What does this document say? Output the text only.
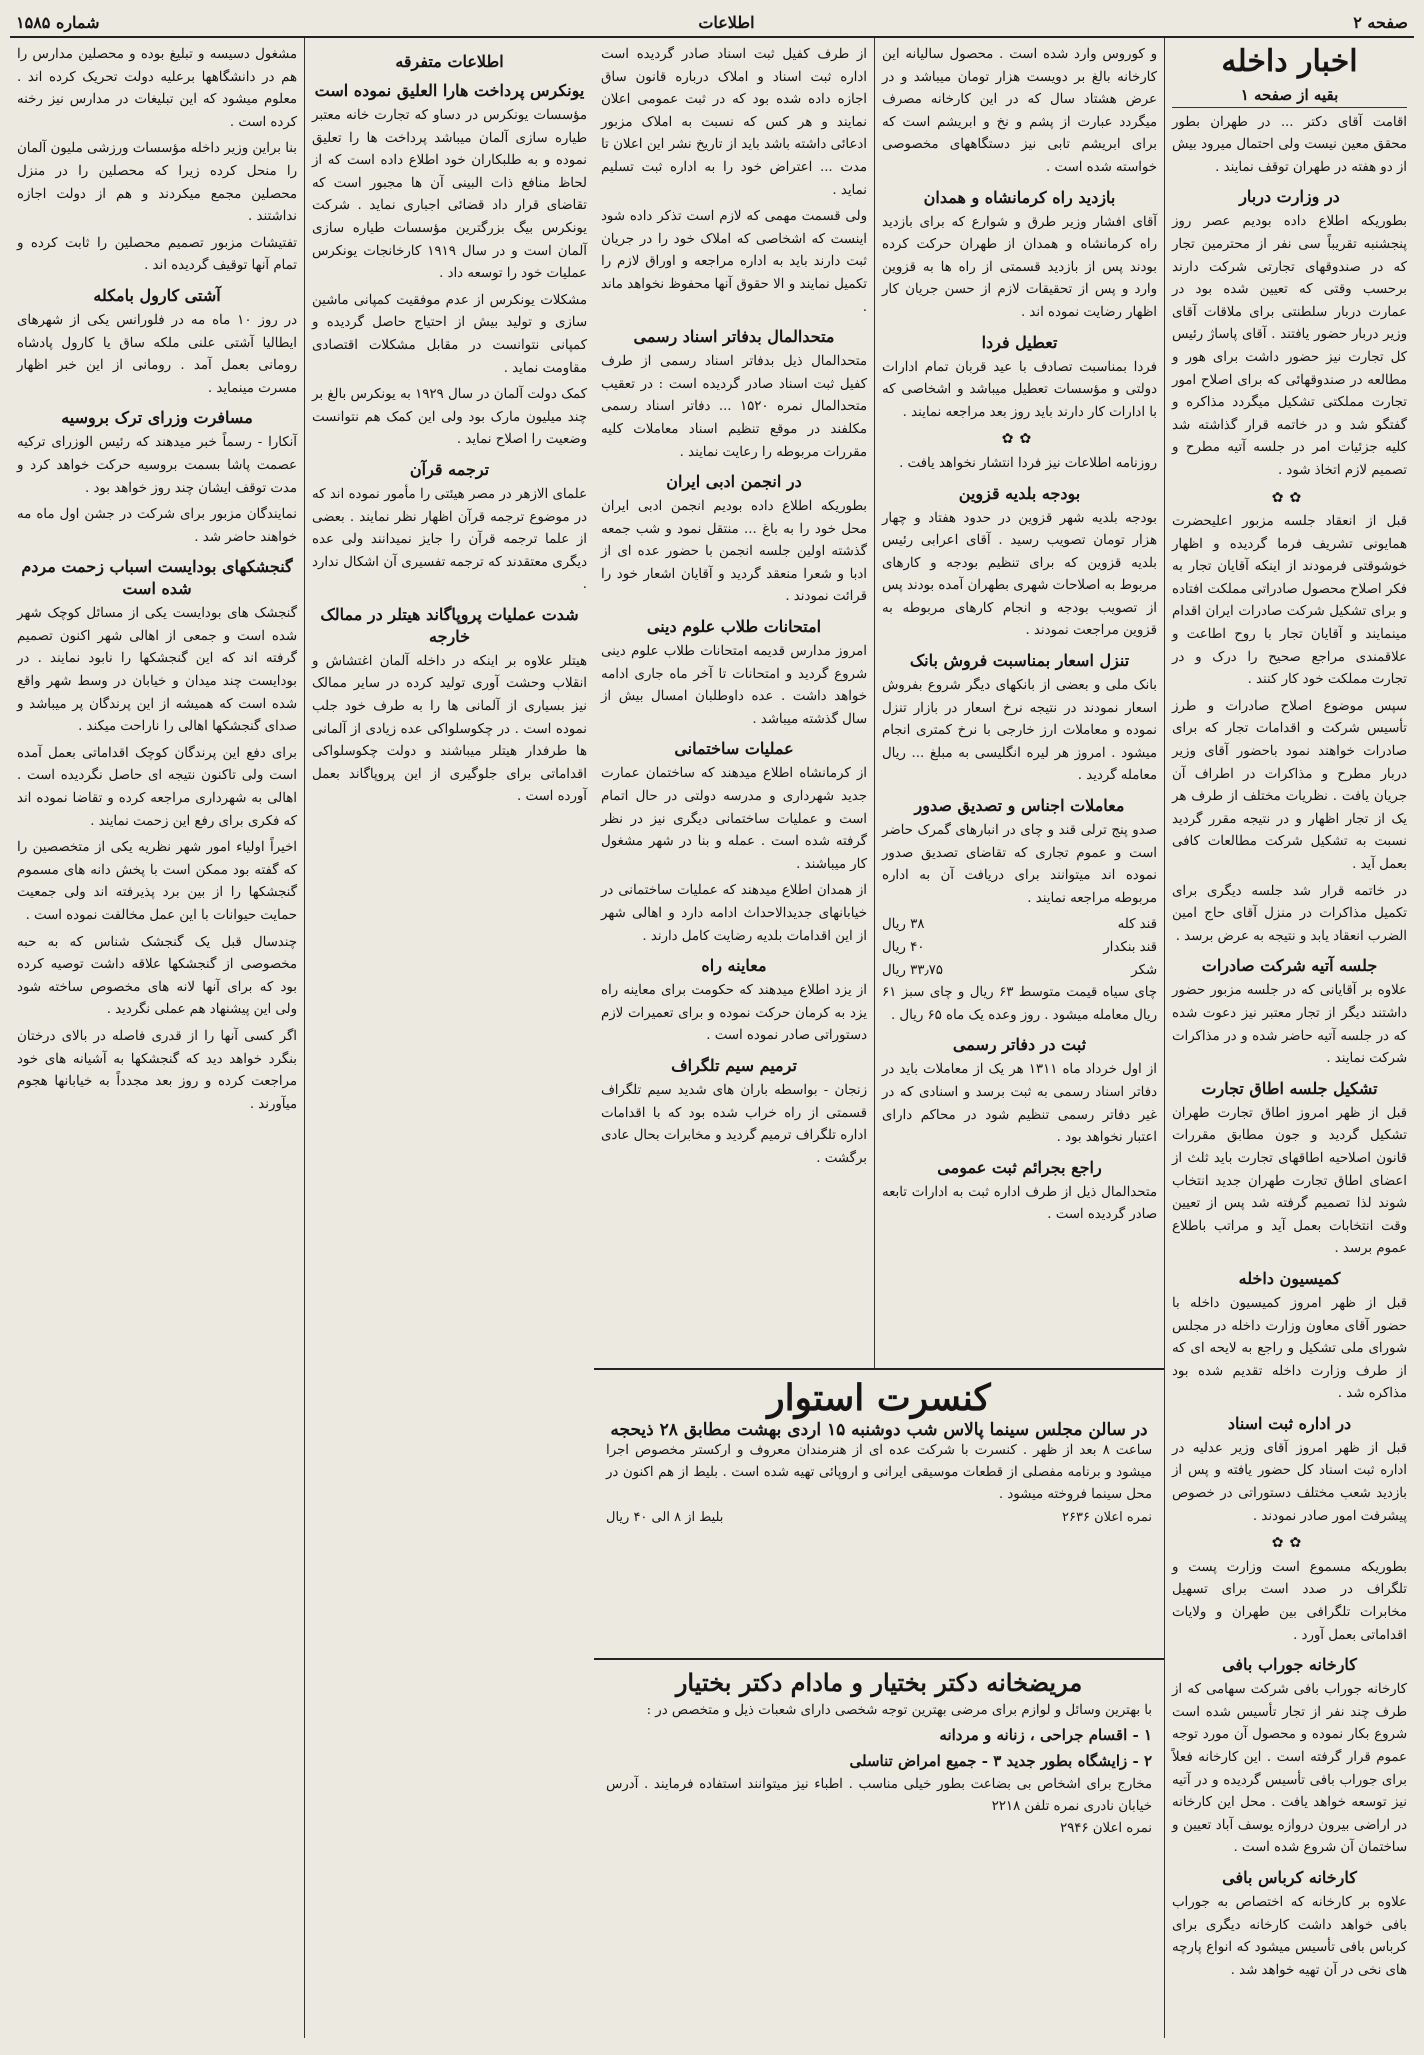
صفحه ۲
اطلاعات
شماره ۱۵۸۵
اخبار داخله
بقیه از صفحه ۱

اقامت آقای دکتر ... در طهران بطور محقق معین نیست ولی احتمال میرود بیش از دو هفته در طهران توقف نمایند .

در وزارت دربار

بطوریکه اطلاع داده بودیم عصر روز پنجشنبه تقریباً سی نفر از محترمین تجار که در صندوقهای تجارتی شرکت دارند برحسب وقتی که تعیین شده بود در عمارت دربار سلطنتی برای ملاقات آقای وزیر دربار حضور یافتند . آقای پاساژ رئیس کل تجارت نیز حضور داشت برای هور و مطالعه در صندوقهائی که برای اصلاح امور تجارت مملکتی تشکیل میگردد مذاکره و گفتگو شد و در خاتمه قرار گذاشته شد کلیه جزئیات امر در جلسه آتیه مطرح و تصمیم لازم اتخاذ شود .

✿✿

قبل از انعقاد جلسه مزبور اعلیحضرت همایونی تشریف فرما گردیده و اظهار خوشوقتی فرمودند از اینکه آقایان تجار به فکر اصلاح محصول صادراتی مملکت افتاده و برای تشکیل شرکت صادرات ایران اقدام مینمایند و آقایان تجار با روح اطاعت و علاقمندی مراجع صحیح را درک و در تجارت مملکت خود کار کنند .

سپس موضوع اصلاح صادرات و طرز تأسیس شرکت و اقدامات تجار که برای صادرات خواهند نمود باحضور آقای وزیر دربار مطرح و مذاکرات در اطراف آن جریان یافت . نظریات مختلف از طرف هر یک از تجار اظهار و در نتیجه مقرر گردید نسبت به تشکیل شرکت مطالعات کافی بعمل آید .

در خاتمه قرار شد جلسه دیگری برای تکمیل مذاکرات در منزل آقای حاج امین الضرب انعقاد یابد و نتیجه به عرض برسد .

جلسه آتیه شرکت صادرات

علاوه بر آقایانی که در جلسه مزبور حضور داشتند دیگر از تجار معتبر نیز دعوت شده که در جلسه آتیه حاضر شده و در مذاکرات شرکت نمایند .

تشکیل جلسه اطاق تجارت

قبل از ظهر امروز اطاق تجارت طهران تشکیل گردید و جون مطابق مقررات قانون اصلاحیه اطاقهای تجارت باید ثلث از اعضای اطاق تجارت طهران جدید انتخاب شوند لذا تصمیم گرفته شد پس از تعیین وقت انتخابات بعمل آید و مراتب باطلاع عموم برسد .

کمیسیون داخله

قبل از ظهر امروز کمیسیون داخله با حضور آقای معاون وزارت داخله در مجلس شورای ملی تشکیل و راجع به لایحه ای که از طرف وزارت داخله تقدیم شده بود مذاکره شد .

در اداره ثبت اسناد

قبل از ظهر امروز آقای وزیر عدلیه در اداره ثبت اسناد کل حضور یافته و پس از بازدید شعب مختلف دستوراتی در خصوص پیشرفت امور صادر نمودند .

✿✿

بطوریکه مسموع است وزارت پست و تلگراف در صدد است برای تسهیل مخابرات تلگرافی بین طهران و ولایات اقداماتی بعمل آورد .

کارخانه جوراب بافی

کارخانه جوراب بافی شرکت سهامی که از طرف چند نفر از تجار تأسیس شده است شروع بکار نموده و محصول آن مورد توجه عموم قرار گرفته است . این کارخانه فعلاً برای جوراب بافی تأسیس گردیده و در آتیه نیز توسعه خواهد یافت . محل این کارخانه در اراضی بیرون دروازه یوسف آباد تعیین و ساختمان آن شروع شده است .

کارخانه کرباس بافی

علاوه بر کارخانه که اختصاص به جوراب بافی خواهد داشت کارخانه دیگری برای کرباس بافی تأسیس میشود که انواع پارچه های نخی در آن تهیه خواهد شد .

و کوروس وارد شده است . محصول سالیانه این کارخانه بالغ بر دویست هزار تومان میباشد و در عرض هشتاد سال که در این کارخانه مصرف میگردد عبارت از پشم و نخ و ابریشم است که برای ابریشم تابی نیز دستگاههای مخصوصی خواسته شده است .

بازدید راه کرمانشاه و همدان

آقای افشار وزیر طرق و شوارع که برای بازدید راه کرمانشاه و همدان از طهران حرکت کرده بودند پس از بازدید قسمتی از راه ها به قزوین وارد و پس از تحقیقات لازم از حسن جریان کار اظهار رضایت نموده اند .

تعطیل فردا

فردا بمناسبت تصادف با عید قربان تمام ادارات دولتی و مؤسسات تعطیل میباشد و اشخاصی که با ادارات کار دارند باید روز بعد مراجعه نمایند .

✿✿

روزنامه اطلاعات نیز فردا انتشار نخواهد یافت .

بودجه بلدیه قزوین

بودجه بلدیه شهر قزوین در حدود هفتاد و چهار هزار تومان تصویب رسید . آقای اعرابی رئیس بلدیه قزوین که برای تنظیم بودجه و کارهای مربوط به اصلاحات شهری بطهران آمده بودند پس از تصویب بودجه و انجام کارهای مربوطه به قزوین مراجعت نمودند .

تنزل اسعار بمناسبت فروش بانک

بانک ملی و بعضی از بانکهای دیگر شروع بفروش اسعار نمودند در نتیجه نرخ اسعار در بازار تنزل نموده و معاملات ارز خارجی با نرخ کمتری انجام میشود . امروز هر لیره انگلیسی به مبلغ ... ریال معامله گردید .

معاملات اجناس و تصدیق صدور

صدو پنج ترلی قند و چای در انبارهای گمرک حاضر است و عموم تجاری که تقاضای تصدیق صدور نموده اند میتوانند برای دریافت آن به اداره مربوطه مراجعه نمایند .

قند کله
۳۸ ریال
قند بنکدار
۴۰ ریال
شکر
۳۳٫۷۵ ریال

چای سیاه قیمت متوسط ۶۳ ریال و چای سبز ۶۱ ریال معامله میشود . روز وعده یک ماه ۶۵ ریال .

ثبت در دفاتر رسمی

از اول خرداد ماه ۱۳۱۱ هر یک از معاملات باید در دفاتر اسناد رسمی به ثبت برسد و اسنادی که در غیر دفاتر رسمی تنظیم شود در محاکم دارای اعتبار نخواهد بود .

راجع بجرائم ثبت عمومی

متحدالمال ذیل از طرف اداره ثبت به ادارات تابعه صادر گردیده است .

از طرف کفیل ثبت اسناد صادر گردیده است اداره ثبت اسناد و املاک درباره قانون ساق اجازه داده شده بود که در ثبت عمومی اعلان نمایند و هر کس که نسبت به املاک مزبور ادعائی داشته باشد باید از تاریخ نشر این اعلان تا مدت ... اعتراض خود را به اداره ثبت تسلیم نماید .

ولی قسمت مهمی که لازم است تذکر داده شود اینست که اشخاصی که املاک خود را در جریان ثبت دارند باید به اداره مراجعه و اوراق لازم را تکمیل نمایند و الا حقوق آنها محفوظ نخواهد ماند .

متحدالمال بدفاتر اسناد رسمی

متحدالمال ذیل بدفاتر اسناد رسمی از طرف کفیل ثبت اسناد صادر گردیده است : در تعقیب متحدالمال نمره ۱۵۲۰ ... دفاتر اسناد رسمی مکلفند در موقع تنظیم اسناد معاملات کلیه مقررات مربوطه را رعایت نمایند .

در انجمن ادبی ایران

بطوریکه اطلاع داده بودیم انجمن ادبی ایران محل خود را به باغ ... منتقل نمود و شب جمعه گذشته اولین جلسه انجمن با حضور عده ای از ادبا و شعرا منعقد گردید و آقایان اشعار خود را قرائت نمودند .

امتحانات طلاب علوم دینی

امروز مدارس قدیمه امتحانات طلاب علوم دینی شروع گردید و امتحانات تا آخر ماه جاری ادامه خواهد داشت . عده داوطلبان امسال بیش از سال گذشته میباشد .

عملیات ساختمانی

از کرمانشاه اطلاع میدهند که ساختمان عمارت جدید شهرداری و مدرسه دولتی در حال اتمام است و عملیات ساختمانی دیگری نیز در نظر گرفته شده است . عمله و بنا در شهر مشغول کار میباشند .

از همدان اطلاع میدهند که عملیات ساختمانی در خیابانهای جدیدالاحداث ادامه دارد و اهالی شهر از این اقدامات بلدیه رضایت کامل دارند .

معاینه راه

از یزد اطلاع میدهند که حکومت برای معاینه راه یزد به کرمان حرکت نموده و برای تعمیرات لازم دستوراتی صادر نموده است .

ترمیم سیم تلگراف

زنجان - بواسطه باران های شدید سیم تلگراف قسمتی از راه خراب شده بود که با اقدامات اداره تلگراف ترمیم گردید و مخابرات بحال عادی برگشت .

کنسرت استوار
در سالن مجلس سینما پالاس شب دوشنبه ۱۵ اردی بهشت مطابق ۲۸ ذیحجه
ساعت ۸ بعد از ظهر . کنسرت با شرکت عده ای از هنرمندان معروف و ارکستر مخصوص اجرا میشود و برنامه مفصلی از قطعات موسیقی ایرانی و اروپائی تهیه شده است . بلیط از هم اکنون در محل سینما فروخته میشود .
نمره اعلان ۲۶۳۶
بلیط از ۸ الی ۴۰ ریال
مریضخانه دکتر بختیار و مادام دکتر بختیار
با بهترین وسائل و لوازم برای مرضی بهترین توجه شخصی دارای شعبات ذیل و متخصص در :
۱ - اقسام جراحی ، زنانه و مردانه
۲ - زایشگاه بطور جدید ۳ - جمیع امراض تناسلی
مخارج برای اشخاص بی بضاعت بطور خیلی مناسب . اطباء نیز میتوانند استفاده فرمایند . آدرس خیابان نادری نمره تلفن ۲۲۱۸
نمره اعلان ۲۹۴۶
اطلاعات متفرقه
یونکرس پرداخت هارا العلیق نموده است

مؤسسات یونکرس در دساو که تجارت خانه معتبر طیاره سازی آلمان میباشد پرداخت ها را تعلیق نموده و به طلبکاران خود اطلاع داده است که از لحاظ منافع ذات البینی آن ها مجبور است که تقاضای قرار داد قضائی اجباری نماید . شرکت یونکرس بیگ بزرگترین مؤسسات طیاره سازی آلمان است و در سال ۱۹۱۹ کارخانجات یونکرس عملیات خود را توسعه داد .

مشکلات یونکرس از عدم موفقیت کمپانی ماشین سازی و تولید بیش از احتیاج حاصل گردیده و کمپانی نتوانست در مقابل مشکلات اقتصادی مقاومت نماید .

کمک دولت آلمان در سال ۱۹۲۹ به یونکرس بالغ بر چند میلیون مارک بود ولی این کمک هم نتوانست وضعیت را اصلاح نماید .

ترجمه قرآن

علمای الازهر در مصر هیئتی را مأمور نموده اند که در موضوع ترجمه قرآن اظهار نظر نمایند . بعضی از علما ترجمه قرآن را جایز نمیدانند ولی عده دیگری معتقدند که ترجمه تفسیری آن اشکال ندارد .

شدت عملیات پروپاگاند هیتلر در ممالک خارجه

هیتلر علاوه بر اینکه در داخله آلمان اغتشاش و انقلاب وحشت آوری تولید کرده در سایر ممالک نیز بسیاری از آلمانی ها را به طرف خود جلب نموده است . در چکوسلواکی عده زیادی از آلمانی ها طرفدار هیتلر میباشند و دولت چکوسلواکی اقداماتی برای جلوگیری از این پروپاگاند بعمل آورده است .

مشغول دسیسه و تبلیغ بوده و محصلین مدارس را هم در دانشگاهها برعلیه دولت تحریک کرده اند . معلوم میشود که این تبلیغات در مدارس نیز رخنه کرده است .

بنا براین وزیر داخله مؤسسات ورزشی ملیون آلمان را منحل کرده زیرا که محصلین را در منزل محصلین مجمع میکردند و هم از دولت اجازه نداشتند .

تفتیشات مزبور تصمیم محصلین را ثابت کرده و تمام آنها توقیف گردیده اند .

آشتی کارول بامکله

در روز ۱۰ ماه مه در فلورانس یکی از شهرهای ایطالیا آشتی علنی ملکه ساق یا کارول پادشاه رومانی بعمل آمد . رومانی از این خبر اظهار مسرت مینماید .

مسافرت وزرای ترک بروسیه

آنکارا - رسماً خبر میدهند که رئیس الوزرای ترکیه عصمت پاشا بسمت بروسیه حرکت خواهد کرد و مدت توقف ایشان چند روز خواهد بود .

نمایندگان مزبور برای شرکت در جشن اول ماه مه خواهند حاضر شد .

گنجشکهای بودایست اسباب زحمت مردم شده است

گنجشک های بودایست یکی از مسائل کوچک شهر شده است و جمعی از اهالی شهر اکنون تصمیم گرفته اند که این گنجشکها را نابود نمایند . در بودایست چند میدان و خیابان در وسط شهر واقع شده است که همیشه از این پرندگان پر میباشد و صدای گنجشکها اهالی را ناراحت میکند .

برای دفع این پرندگان کوچک اقداماتی بعمل آمده است ولی تاکنون نتیجه ای حاصل نگردیده است . اهالی به شهرداری مراجعه کرده و تقاضا نموده اند که فکری برای رفع این زحمت نمایند .

اخیراً اولیاء امور شهر نظریه یکی از متخصصین را که گفته بود ممکن است با پخش دانه های مسموم گنجشکها را از بین برد پذیرفته اند ولی جمعیت حمایت حیوانات با این عمل مخالفت نموده است .

چندسال قبل یک گنجشک شناس که به حبه مخصوصی از گنجشکها علاقه داشت توصیه کرده بود که برای آنها لانه های مخصوص ساخته شود ولی این پیشنهاد هم عملی نگردید .

اگر کسی آنها را از قدری فاصله در بالای درختان بنگرد خواهد دید که گنجشکها به آشیانه های خود مراجعت کرده و روز بعد مجدداً به خیابانها هجوم میآورند .
